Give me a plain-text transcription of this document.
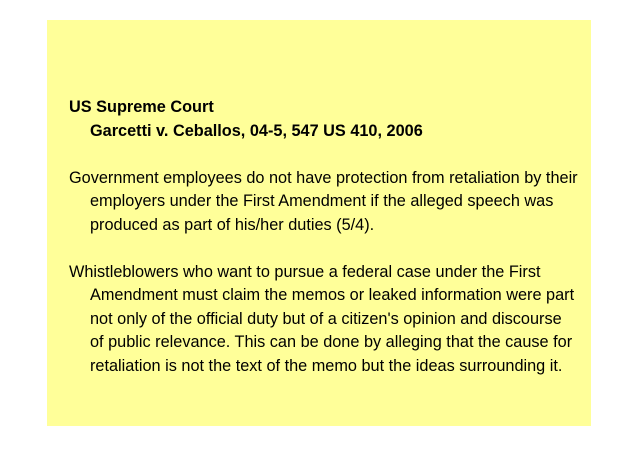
US Supreme Court

Garcetti v. Ceballos, 04-5, 547 US 410, 2006

Government employees do not have protection from retaliation by their employers under the First Amendment if the alleged speech was produced as part of his/her duties (5/4).

Whistleblowers who want to pursue a federal case under the First Amendment must claim the memos or leaked information were part not only of the official duty but of a citizen's opinion and discourse of public relevance. This can be done by alleging that the cause for retaliation is not the text of the memo but the ideas surrounding it.
